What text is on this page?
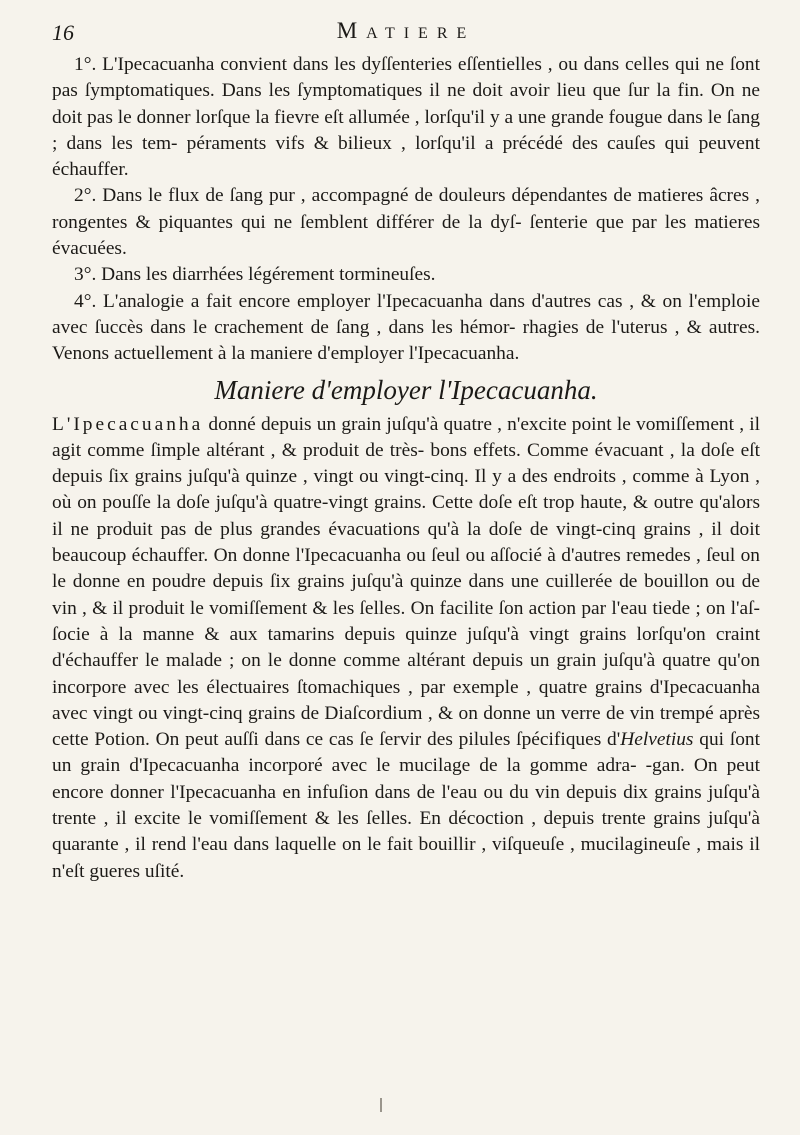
16	Matiere

1°. L'Ipecacuanha convient dans les dyſſenteries eſſentielles , ou dans celles qui ne ſont pas ſymptomatiques. Dans les ſymptomatiques il ne doit avoir lieu que ſur la fin. On ne doit pas le donner lorſque la fievre eſt allumée , lorſqu'il y a une grande fougue dans le ſang ; dans les tem- péraments vifs & bilieux , lorſqu'il a précédé des cauſes qui peuvent échauffer.

2°. Dans le flux de ſang pur , accompagné de douleurs dépendantes de matieres âcres , rongentes & piquantes qui ne ſemblent différer de la dyſ- ſenterie que par les matieres évacuées.

3°. Dans les diarrhées légérement tormineuſes.

4°. L'analogie a fait encore employer l'Ipecacuanha dans d'autres cas , & on l'emploie avec ſuccès dans le crachement de ſang , dans les hémor- rhagies de l'uterus , & autres. Venons actuellement à la maniere d'employer l'Ipecacuanha.

Maniere d'employer l'Ipecacuanha.

L'Ipecacuanha donné depuis un grain juſqu'à quatre , n'excite point le vomiſſement , il agit comme ſimple altérant , & produit de très- bons effets. Comme évacuant , la doſe eſt depuis ſix grains juſqu'à quinze , vingt ou vingt-cinq. Il y a des endroits , comme à Lyon , où on pouſſe la doſe juſqu'à quatre-vingt grains. Cette doſe eſt trop haute, & outre qu'alors il ne produit pas de plus grandes évacuations qu'à la doſe de vingt-cinq grains , il doit beaucoup échauffer. On donne l'Ipecacuanha ou ſeul ou aſſocié à d'autres remedes , ſeul on le donne en poudre depuis ſix grains juſqu'à quinze dans une cuillerée de bouillon ou de vin , & il produit le vomiſſement & les ſelles. On facilite ſon action par l'eau tiede ; on l'aſ- ſocie à la manne & aux tamarins depuis quinze juſqu'à vingt grains lorſqu'on craint d'échauffer le malade ; on le donne comme altérant depuis un grain juſqu'à quatre qu'on incorpore avec les électuaires ſtomachiques , par exemple , quatre grains d'Ipecacuanha avec vingt ou vingt-cinq grains de Diaſcordium , & on donne un verre de vin trempé après cette Potion. On peut auſſi dans ce cas ſe ſervir des pilules ſpécifiques d'Helvetius qui ſont un grain d'Ipecacuanha incorporé avec le mucilage de la gomme adra- -gan. On peut encore donner l'Ipecacuanha en infuſion dans de l'eau ou du vin depuis dix grains juſqu'à trente , il excite le vomiſſement & les ſelles. En décoction , depuis trente grains juſqu'à quarante , il rend l'eau dans laquelle on le fait bouillir , viſqueuſe , mucilagineuſe , mais il n'eſt gueres uſité.
